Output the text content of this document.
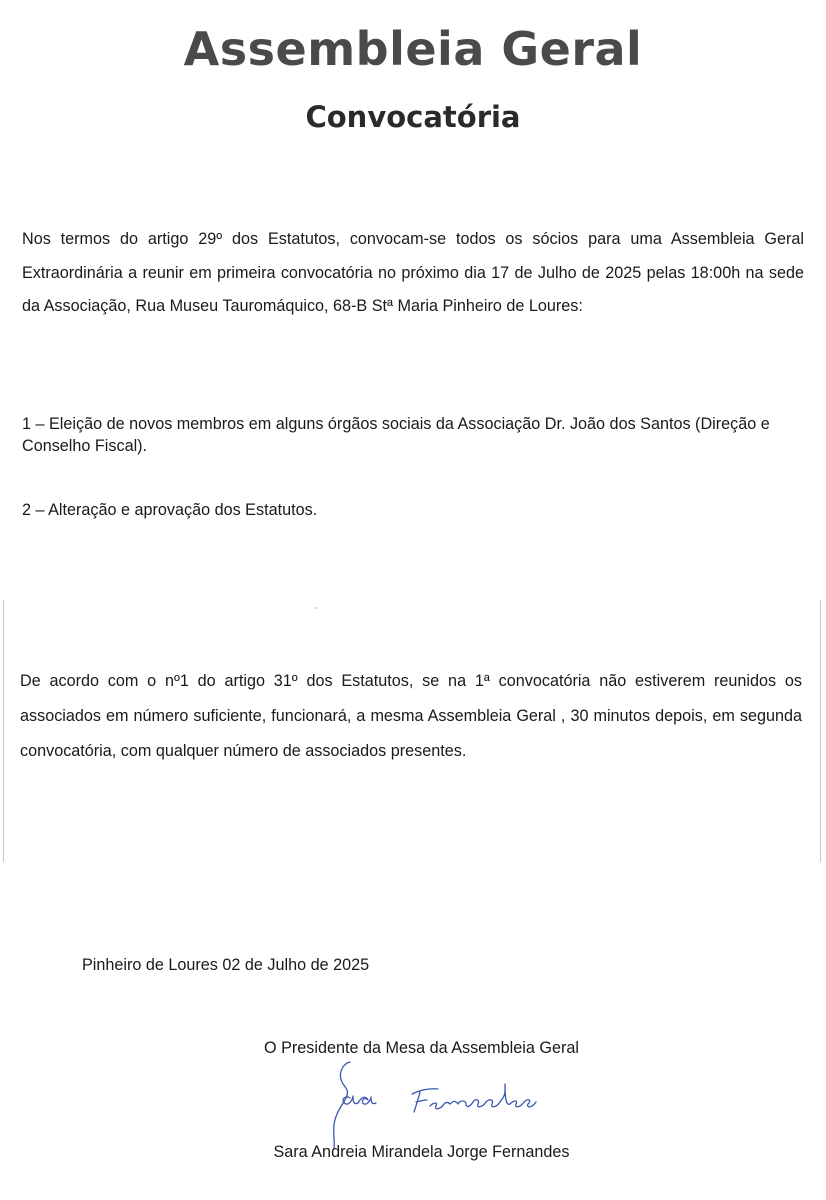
Assembleia Geral
Convocatória

Nos termos do artigo 29º dos Estatutos, convocam-se todos os sócios para uma Assembleia Geral Extraordinária a reunir em primeira convocatória no próximo dia 17 de Julho de 2025 pelas 18:00h na sede da Associação, Rua Museu Tauromáquico, 68-B Stª Maria Pinheiro de Loures:

1 – Eleição de novos membros em alguns órgãos sociais da Associação Dr. João dos Santos (Direção e Conselho Fiscal).

2 – Alteração e aprovação dos Estatutos.

De acordo com o nº1 do artigo 31º dos Estatutos, se na 1ª convocatória não estiverem reunidos os associados em número suficiente, funcionará, a mesma Assembleia Geral , 30 minutos depois, em segunda convocatória, com qualquer número de associados presentes.

Pinheiro de Loures 02 de Julho de 2025

O Presidente da Mesa da Assembleia Geral

Sara Andreia Mirandela Jorge Fernandes
